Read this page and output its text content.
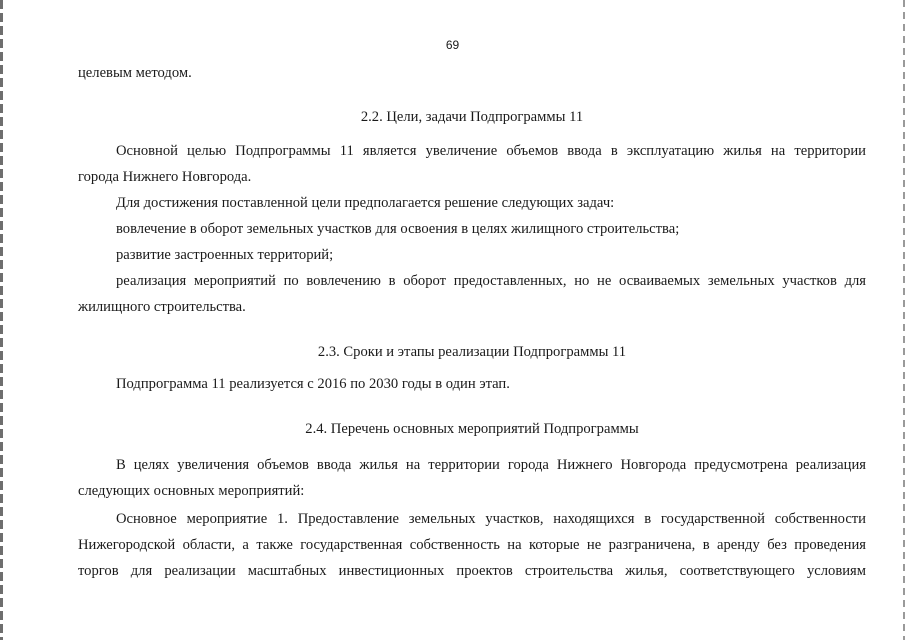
69
целевым методом.
2.2. Цели, задачи Подпрограммы 11
Основной целью Подпрограммы 11 является увеличение объемов ввода в эксплуатацию жилья на территории
города Нижнего Новгорода.
Для достижения поставленной цели предполагается решение следующих задач:
вовлечение в оборот земельных участков для освоения в целях жилищного строительства;
развитие застроенных территорий;
реализация мероприятий по вовлечению в оборот предоставленных, но не осваиваемых земельных участков для
жилищного строительства.
2.3. Сроки и этапы реализации Подпрограммы 11
Подпрограмма 11 реализуется с 2016 по 2030 годы в один этап.
2.4. Перечень основных мероприятий Подпрограммы
В целях увеличения объемов ввода жилья на территории города Нижнего Новгорода предусмотрена реализация
следующих основных мероприятий:
Основное мероприятие 1. Предоставление земельных участков, находящихся в государственной собственности
Нижегородской области, а также государственная собственность на которые не разграничена, в аренду без проведения
торгов для реализации масштабных инвестиционных проектов строительства жилья, соответствующего условиям
